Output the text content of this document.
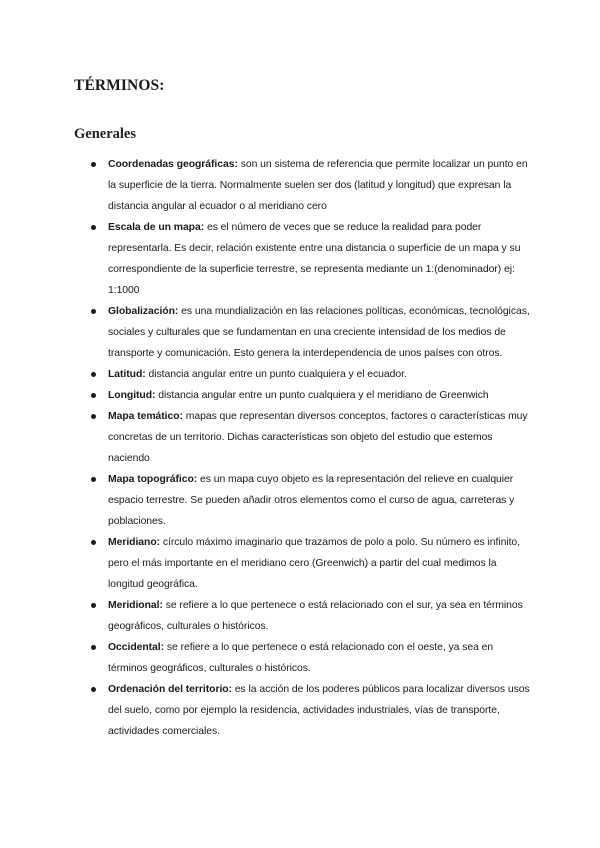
TÉRMINOS:
Generales
Coordenadas geográficas: son un sistema de referencia que permite localizar un punto en la superficie de la tierra. Normalmente suelen ser dos (latitud y longitud) que expresan la distancia angular al ecuador o al meridiano cero
Escala de un mapa: es el número de veces que se reduce la realidad para poder representarla. Es decir, relación existente entre una distancia o superficie de un mapa y su correspondiente de la superficie terrestre, se representa mediante un 1:(denominador) ej: 1:1000
Globalización: es una mundialización en las relaciones políticas, económicas, tecnológicas, sociales y culturales que se fundamentan en una creciente intensidad de los medios de transporte y comunicación. Esto genera la interdependencia de unos países con otros.
Latitud: distancia angular entre un punto cualquiera y el ecuador.
Longitud: distancia angular entre un punto cualquiera y el meridiano de Greenwich
Mapa temático: mapas que representan diversos conceptos, factores o características muy concretas de un territorio. Dichas características son objeto del estudio que estemos naciendo
Mapa topográfico: es un mapa cuyo objeto es la representación del relieve en cualquier espacio terrestre. Se pueden añadir otros elementos como el curso de agua, carreteras y poblaciones.
Meridiano: círculo máximo imaginario que trazamos de polo a polo. Su número es infinito, pero el más importante en el meridiano cero (Greenwich) a partir del cual medimos la longitud geográfica.
Meridional: se refiere a lo que pertenece o está relacionado con el sur, ya sea en términos geográficos, culturales o históricos.
Occidental: se refiere a lo que pertenece o está relacionado con el oeste, ya sea en términos geográficos, culturales o históricos.
Ordenación del territorio: es la acción de los poderes públicos para localizar diversos usos del suelo, como por ejemplo la residencia, actividades industriales, vías de transporte, actividades comerciales.
